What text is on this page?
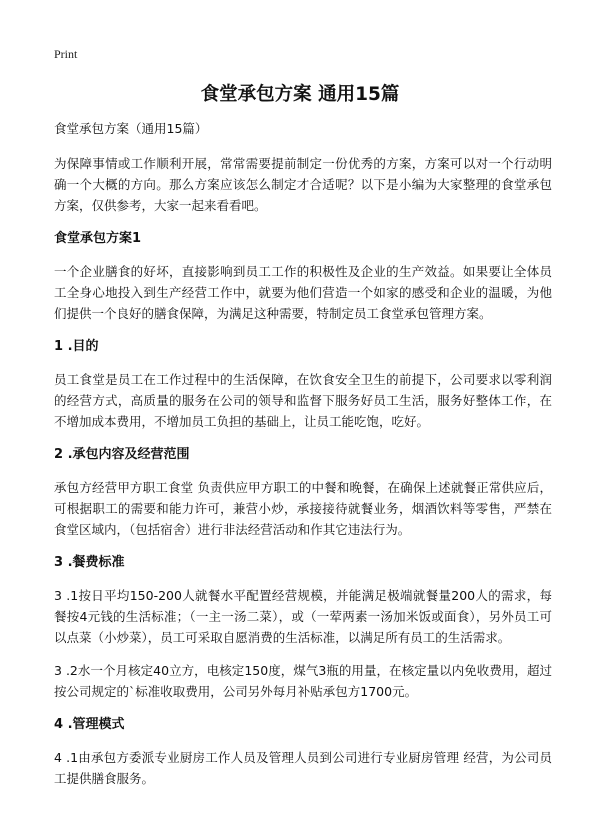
Print
食堂承包方案 通用15篇

食堂承包方案（通用15篇）

为保障事情或工作顺利开展，常常需要提前制定一份优秀的方案，方案可以对一个行动明确一个大概的方向。那么方案应该怎么制定才合适呢？以下是小编为大家整理的食堂承包方案，仅供参考，大家一起来看看吧。

食堂承包方案1

一个企业膳食的好坏，直接影响到员工工作的积极性及企业的生产效益。如果要让全体员工全身心地投入到生产经营工作中，就要为他们营造一个如家的感受和企业的温暖，为他们提供一个良好的膳食保障，为满足这种需要，特制定员工食堂承包管理方案。

1 .目的

员工食堂是员工在工作过程中的生活保障，在饮食安全卫生的前提下，公司要求以零利润的经营方式，高质量的服务在公司的领导和监督下服务好员工生活，服务好整体工作，在不增加成本费用，不增加员工负担的基础上，让员工能吃饱，吃好。

2 .承包内容及经营范围

承包方经营甲方职工食堂 负责供应甲方职工的中餐和晚餐，在确保上述就餐正常供应后，可根据职工的需要和能力许可，兼营小炒，承接接待就餐业务，烟酒饮料等零售，严禁在食堂区域内，（包括宿舍）进行非法经营活动和作其它违法行为。

3 .餐费标准

3 .1按日平均150-200人就餐水平配置经营规模，并能满足极端就餐量200人的需求，每餐按4元钱的生活标准；（一主一汤二菜），或（一荤两素一汤加米饭或面食），另外员工可以点菜（小炒菜），员工可采取自愿消费的生活标准，以满足所有员工的生活需求。

3 .2水一个月核定40立方，电核定150度，煤气3瓶的用量，在核定量以内免收费用，超过按公司规定的`标准收取费用，公司另外每月补贴承包方1700元。

4 .管理模式

4 .1由承包方委派专业厨房工作人员及管理人员到公司进行专业厨房管理 经营，为公司员工提供膳食服务。
